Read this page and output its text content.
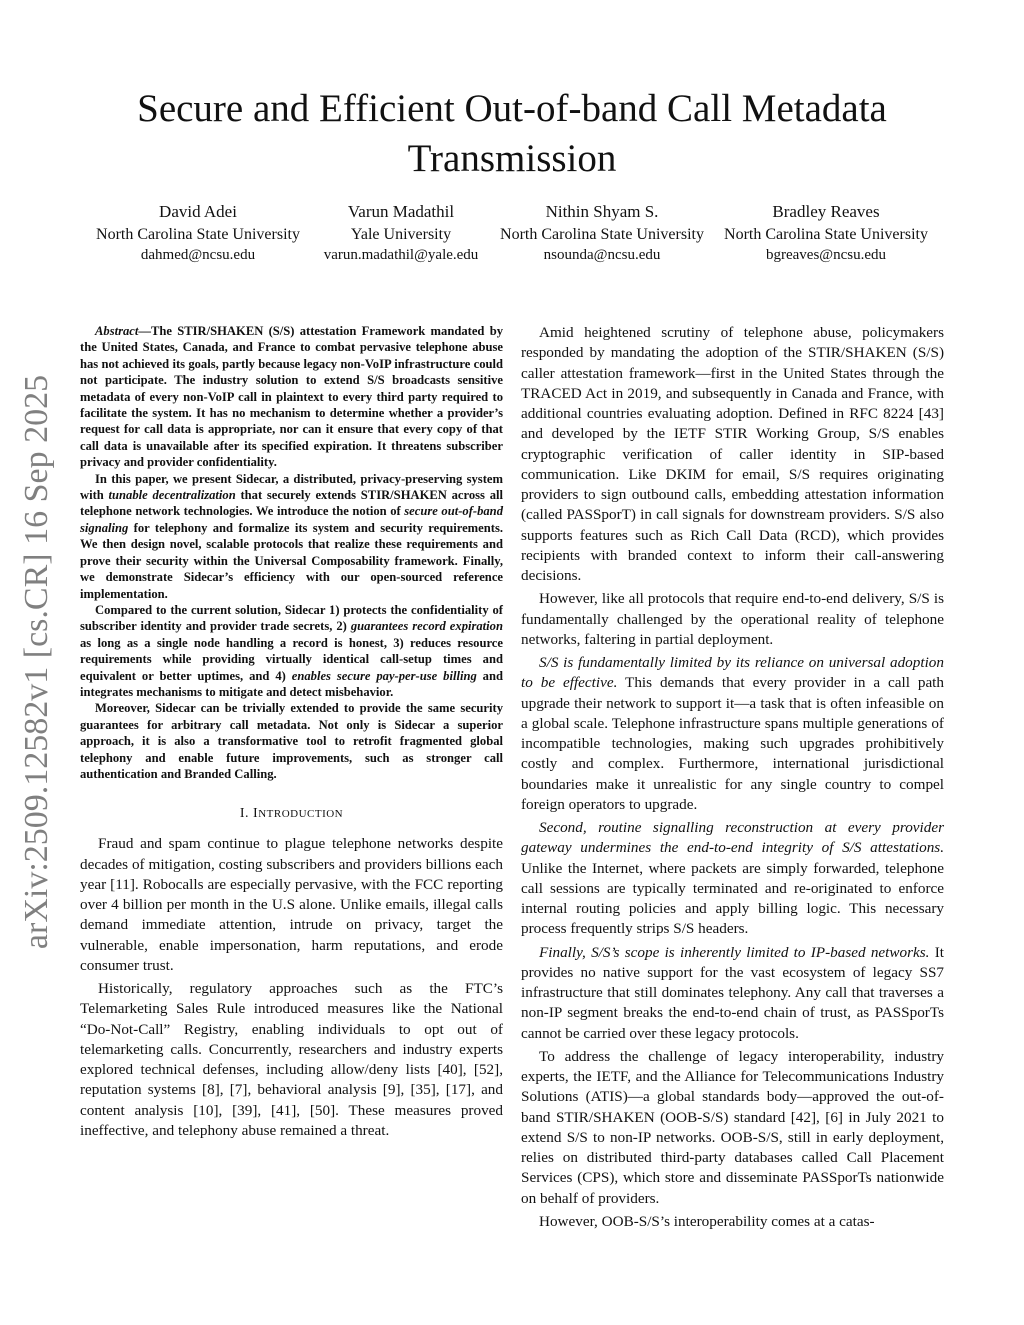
Secure and Efficient Out-of-band Call Metadata Transmission
David Adei
North Carolina State University
dahmed@ncsu.edu
Varun Madathil
Yale University
varun.madathil@yale.edu
Nithin Shyam S.
North Carolina State University
nsounda@ncsu.edu
Bradley Reaves
North Carolina State University
bgreaves@ncsu.edu
arXiv:2509.12582v1 [cs.CR] 16 Sep 2025

Abstract—The STIR/SHAKEN (S/S) attestation Framework mandated by the United States, Canada, and France to combat pervasive telephone abuse has not achieved its goals, partly because legacy non-VoIP infrastructure could not participate. The industry solution to extend S/S broadcasts sensitive metadata of every non-VoIP call in plaintext to every third party required to facilitate the system. It has no mechanism to determine whether a provider’s request for call data is appropriate, nor can it ensure that every copy of that call data is unavailable after its specified expiration. It threatens subscriber privacy and provider confidentiality.

In this paper, we present Sidecar, a distributed, privacy-preserving system with tunable decentralization that securely extends STIR/SHAKEN across all telephone network technologies. We introduce the notion of secure out-of-band signaling for telephony and formalize its system and security requirements. We then design novel, scalable protocols that realize these requirements and prove their security within the Universal Composability framework. Finally, we demonstrate Sidecar’s efficiency with our open-sourced reference implementation.

Compared to the current solution, Sidecar 1) protects the confidentiality of subscriber identity and provider trade secrets, 2) guarantees record expiration as long as a single node handling a record is honest, 3) reduces resource requirements while providing virtually identical call-setup times and equivalent or better uptimes, and 4) enables secure pay-per-use billing and integrates mechanisms to mitigate and detect misbehavior.

Moreover, Sidecar can be trivially extended to provide the same security guarantees for arbitrary call metadata. Not only is Sidecar a superior approach, it is also a transformative tool to retrofit fragmented global telephony and enable future improvements, such as stronger call authentication and Branded Calling.

I. INTRODUCTION

Fraud and spam continue to plague telephone networks despite decades of mitigation, costing subscribers and providers billions each year [11]. Robocalls are especially pervasive, with the FCC reporting over 4 billion per month in the U.S alone. Unlike emails, illegal calls demand immediate attention, intrude on privacy, target the vulnerable, enable impersonation, harm reputations, and erode consumer trust.

Historically, regulatory approaches such as the FTC’s Telemarketing Sales Rule introduced measures like the National “Do-Not-Call” Registry, enabling individuals to opt out of telemarketing calls. Concurrently, researchers and industry experts explored technical defenses, including allow/deny lists [40], [52], reputation systems [8], [7], behavioral analysis [9], [35], [17], and content analysis [10], [39], [41], [50]. These measures proved ineffective, and telephony abuse remained a threat.

Amid heightened scrutiny of telephone abuse, policymakers responded by mandating the adoption of the STIR/SHAKEN (S/S) caller attestation framework—first in the United States through the TRACED Act in 2019, and subsequently in Canada and France, with additional countries evaluating adoption. Defined in RFC 8224 [43] and developed by the IETF STIR Working Group, S/S enables cryptographic verification of caller identity in SIP-based communication. Like DKIM for email, S/S requires originating providers to sign outbound calls, embedding attestation information (called PASSporT) in call signals for downstream providers. S/S also supports features such as Rich Call Data (RCD), which provides recipients with branded context to inform their call-answering decisions.

However, like all protocols that require end-to-end delivery, S/S is fundamentally challenged by the operational reality of telephone networks, faltering in partial deployment.

S/S is fundamentally limited by its reliance on universal adoption to be effective. This demands that every provider in a call path upgrade their network to support it—a task that is often infeasible on a global scale. Telephone infrastructure spans multiple generations of incompatible technologies, making such upgrades prohibitively costly and complex. Furthermore, international jurisdictional boundaries make it unrealistic for any single country to compel foreign operators to upgrade.

Second, routine signalling reconstruction at every provider gateway undermines the end-to-end integrity of S/S attestations. Unlike the Internet, where packets are simply forwarded, telephone call sessions are typically terminated and re-originated to enforce internal routing policies and apply billing logic. This necessary process frequently strips S/S headers.

Finally, S/S’s scope is inherently limited to IP-based networks. It provides no native support for the vast ecosystem of legacy SS7 infrastructure that still dominates telephony. Any call that traverses a non-IP segment breaks the end-to-end chain of trust, as PASSporTs cannot be carried over these legacy protocols.

To address the challenge of legacy interoperability, industry experts, the IETF, and the Alliance for Telecommunications Industry Solutions (ATIS)—a global standards body—approved the out-of-band STIR/SHAKEN (OOB-S/S) standard [42], [6] in July 2021 to extend S/S to non-IP networks. OOB-S/S, still in early deployment, relies on distributed third-party databases called Call Placement Services (CPS), which store and disseminate PASSporTs nationwide on behalf of providers.

However, OOB-S/S’s interoperability comes at a catas-
